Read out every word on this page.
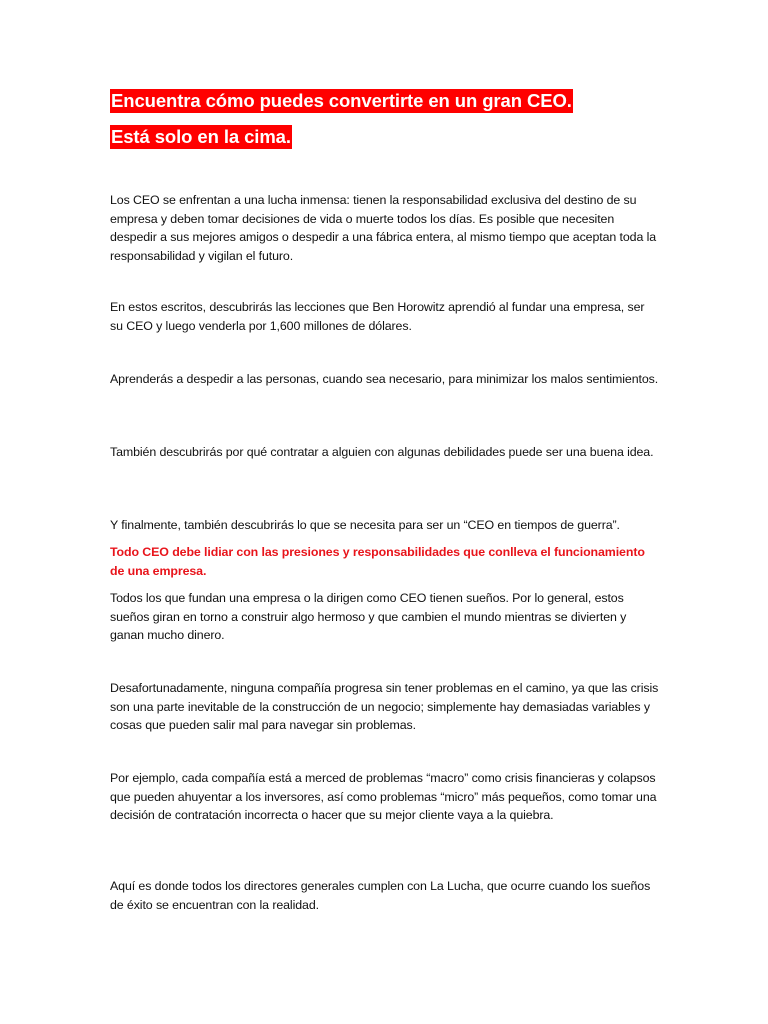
Encuentra cómo puedes convertirte en un gran CEO.
Está solo en la cima.

Los CEO se enfrentan a una lucha inmensa: tienen la responsabilidad exclusiva del destino de su empresa y deben tomar decisiones de vida o muerte todos los días. Es posible que necesiten despedir a sus mejores amigos o despedir a una fábrica entera, al mismo tiempo que aceptan toda la responsabilidad y vigilan el futuro.

En estos escritos, descubrirás las lecciones que Ben Horowitz aprendió al fundar una empresa, ser su CEO y luego venderla por 1,600 millones de dólares.

Aprenderás a despedir a las personas, cuando sea necesario, para minimizar los malos sentimientos.

También descubrirás por qué contratar a alguien con algunas debilidades puede ser una buena idea.

Y finalmente, también descubrirás lo que se necesita para ser un “CEO en tiempos de guerra”.

Todo CEO debe lidiar con las presiones y responsabilidades que conlleva el funcionamiento de una empresa.

Todos los que fundan una empresa o la dirigen como CEO tienen sueños. Por lo general, estos sueños giran en torno a construir algo hermoso y que cambien el mundo mientras se divierten y ganan mucho dinero.

Desafortunadamente, ninguna compañía progresa sin tener problemas en el camino, ya que las crisis son una parte inevitable de la construcción de un negocio; simplemente hay demasiadas variables y cosas que pueden salir mal para navegar sin problemas.

Por ejemplo, cada compañía está a merced de problemas “macro” como crisis financieras y colapsos que pueden ahuyentar a los inversores, así como problemas “micro” más pequeños, como tomar una decisión de contratación incorrecta o hacer que su mejor cliente vaya a la quiebra.

Aquí es donde todos los directores generales cumplen con La Lucha, que ocurre cuando los sueños de éxito se encuentran con la realidad.
